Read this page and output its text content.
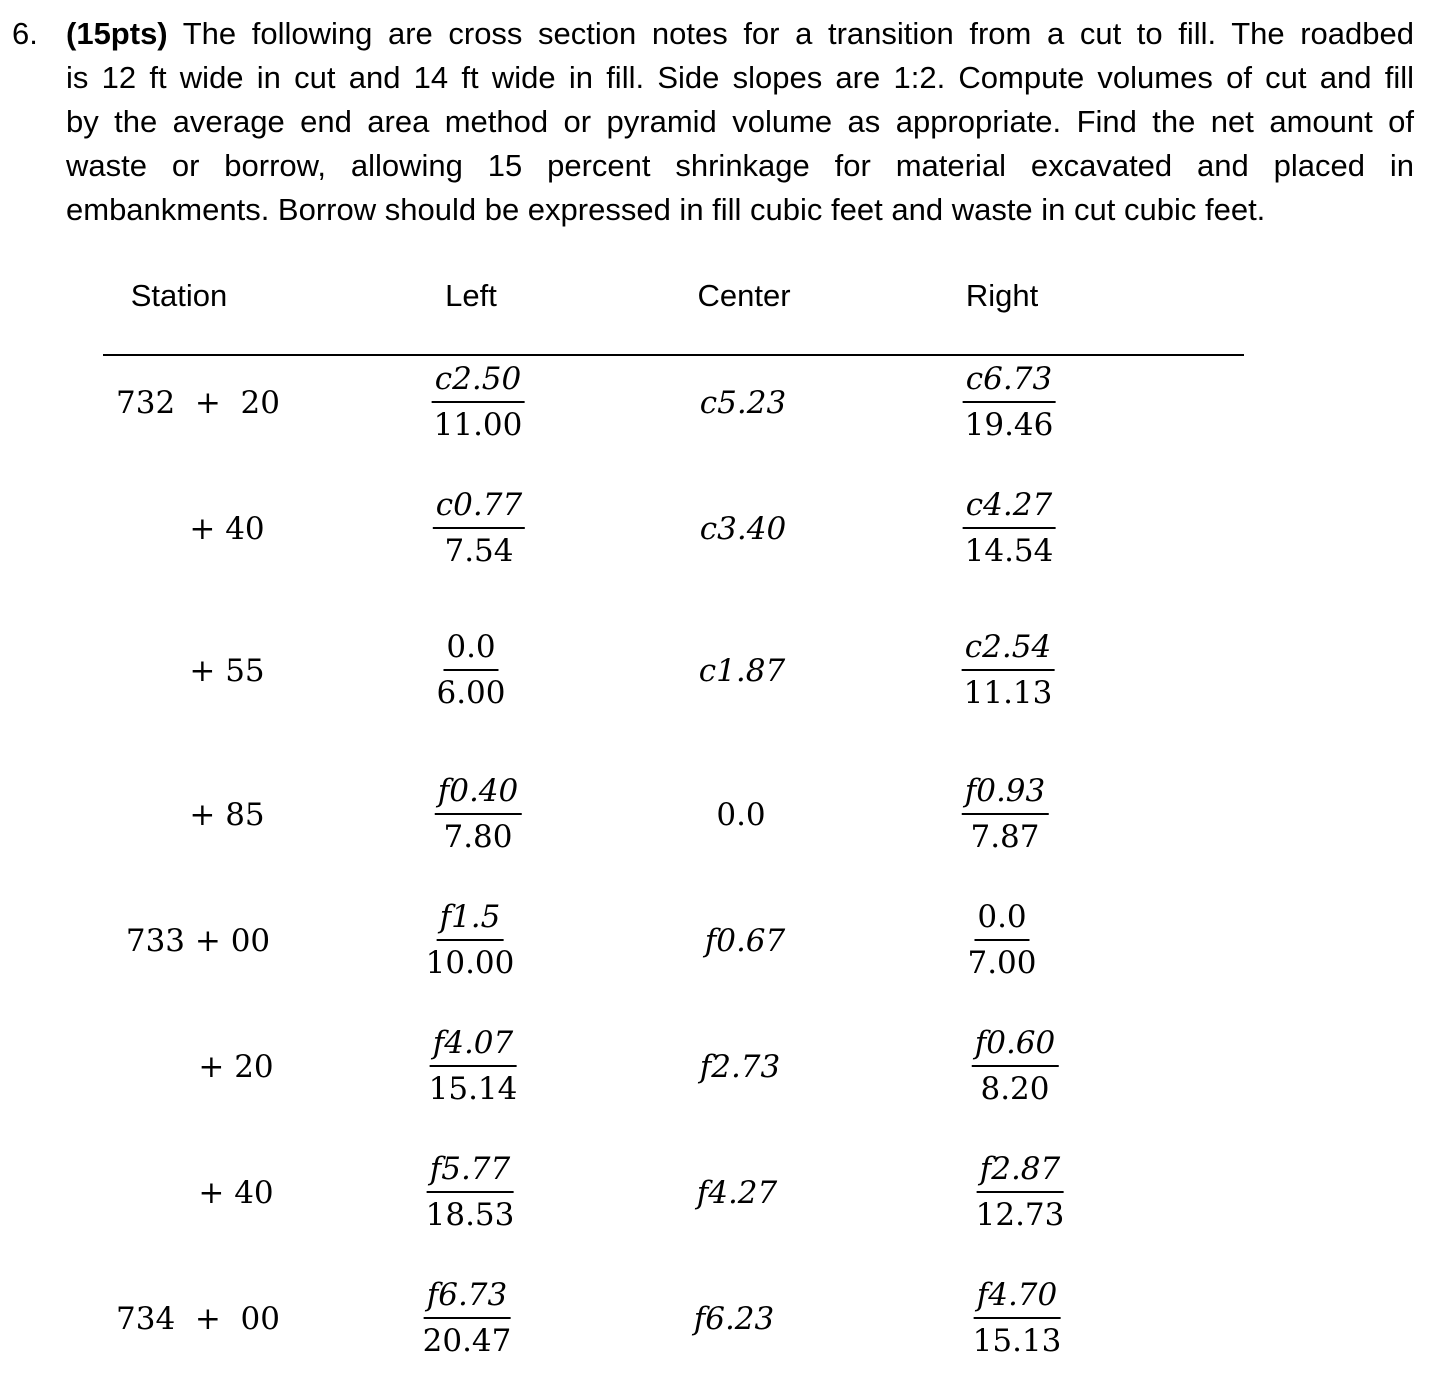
6. (15pts) The following are cross section notes for a transition from a cut to fill. The roadbed
is 12 ft wide in cut and 14 ft wide in fill. Side slopes are 1:2. Compute volumes of cut and fill
by the average end area method or pyramid volume as appropriate. Find the net amount of
waste or borrow, allowing 15 percent shrinkage for material excavated and placed in
embankments. Borrow should be expressed in fill cubic feet and waste in cut cubic feet.
Station	Left	Center	Right
732  +  20	$\frac{c2.50}{11.00}$	c5.23	$\frac{c6.73}{19.46}$
+ 40	$\frac{c0.77}{7.54}$	c3.40	$\frac{c4.27}{14.54}$
+ 55	$\frac{0.0}{6.00}$	c1.87	$\frac{c2.54}{11.13}$
+ 85	$\frac{f0.40}{7.80}$	0.0	$\frac{f0.93}{7.87}$
733 + 00	$\frac{f1.5}{10.00}$	f0.67	$\frac{0.0}{7.00}$
+ 20	$\frac{f4.07}{15.14}$	f2.73	$\frac{f0.60}{8.20}$
+ 40	$\frac{f5.77}{18.53}$	f4.27	$\frac{f2.87}{12.73}$
734  +  00	$\frac{f6.73}{20.47}$	f6.23	$\frac{f4.70}{15.13}$
